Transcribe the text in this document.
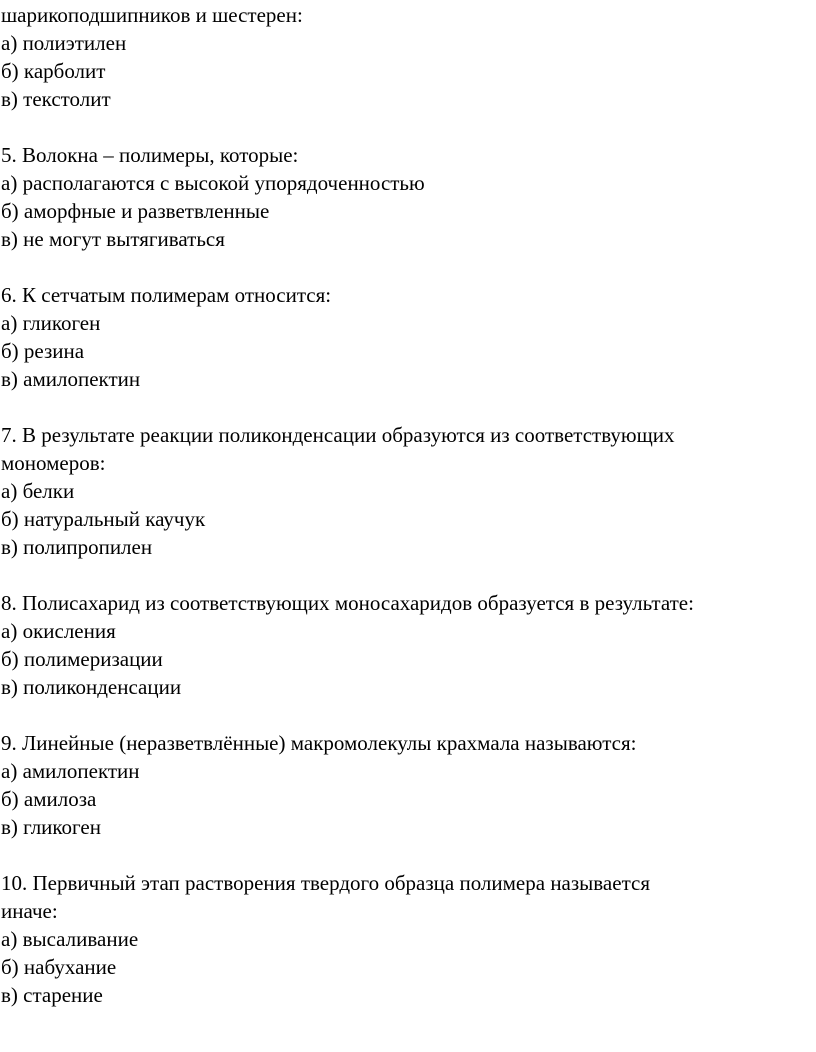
шарикоподшипников и шестерен:
а) полиэтилен
б) карболит
в) текстолит
5. Волокна – полимеры, которые:
а) располагаются с высокой упорядоченностью
б) аморфные и разветвленные
в) не могут вытягиваться
6. К сетчатым полимерам относится:
а) гликоген
б) резина
в) амилопектин
7. В результате реакции поликонденсации образуются из соответствующих
мономеров:
а) белки
б) натуральный каучук
в) полипропилен
8. Полисахарид из соответствующих моносахаридов образуется в результате:
а) окисления
б) полимеризации
в) поликонденсации
9. Линейные (неразветвлённые) макромолекулы крахмала называются:
а) амилопектин
б) амилоза
в) гликоген
10. Первичный этап растворения твердого образца полимера называется
иначе:
а) высаливание
б) набухание
в) старение
